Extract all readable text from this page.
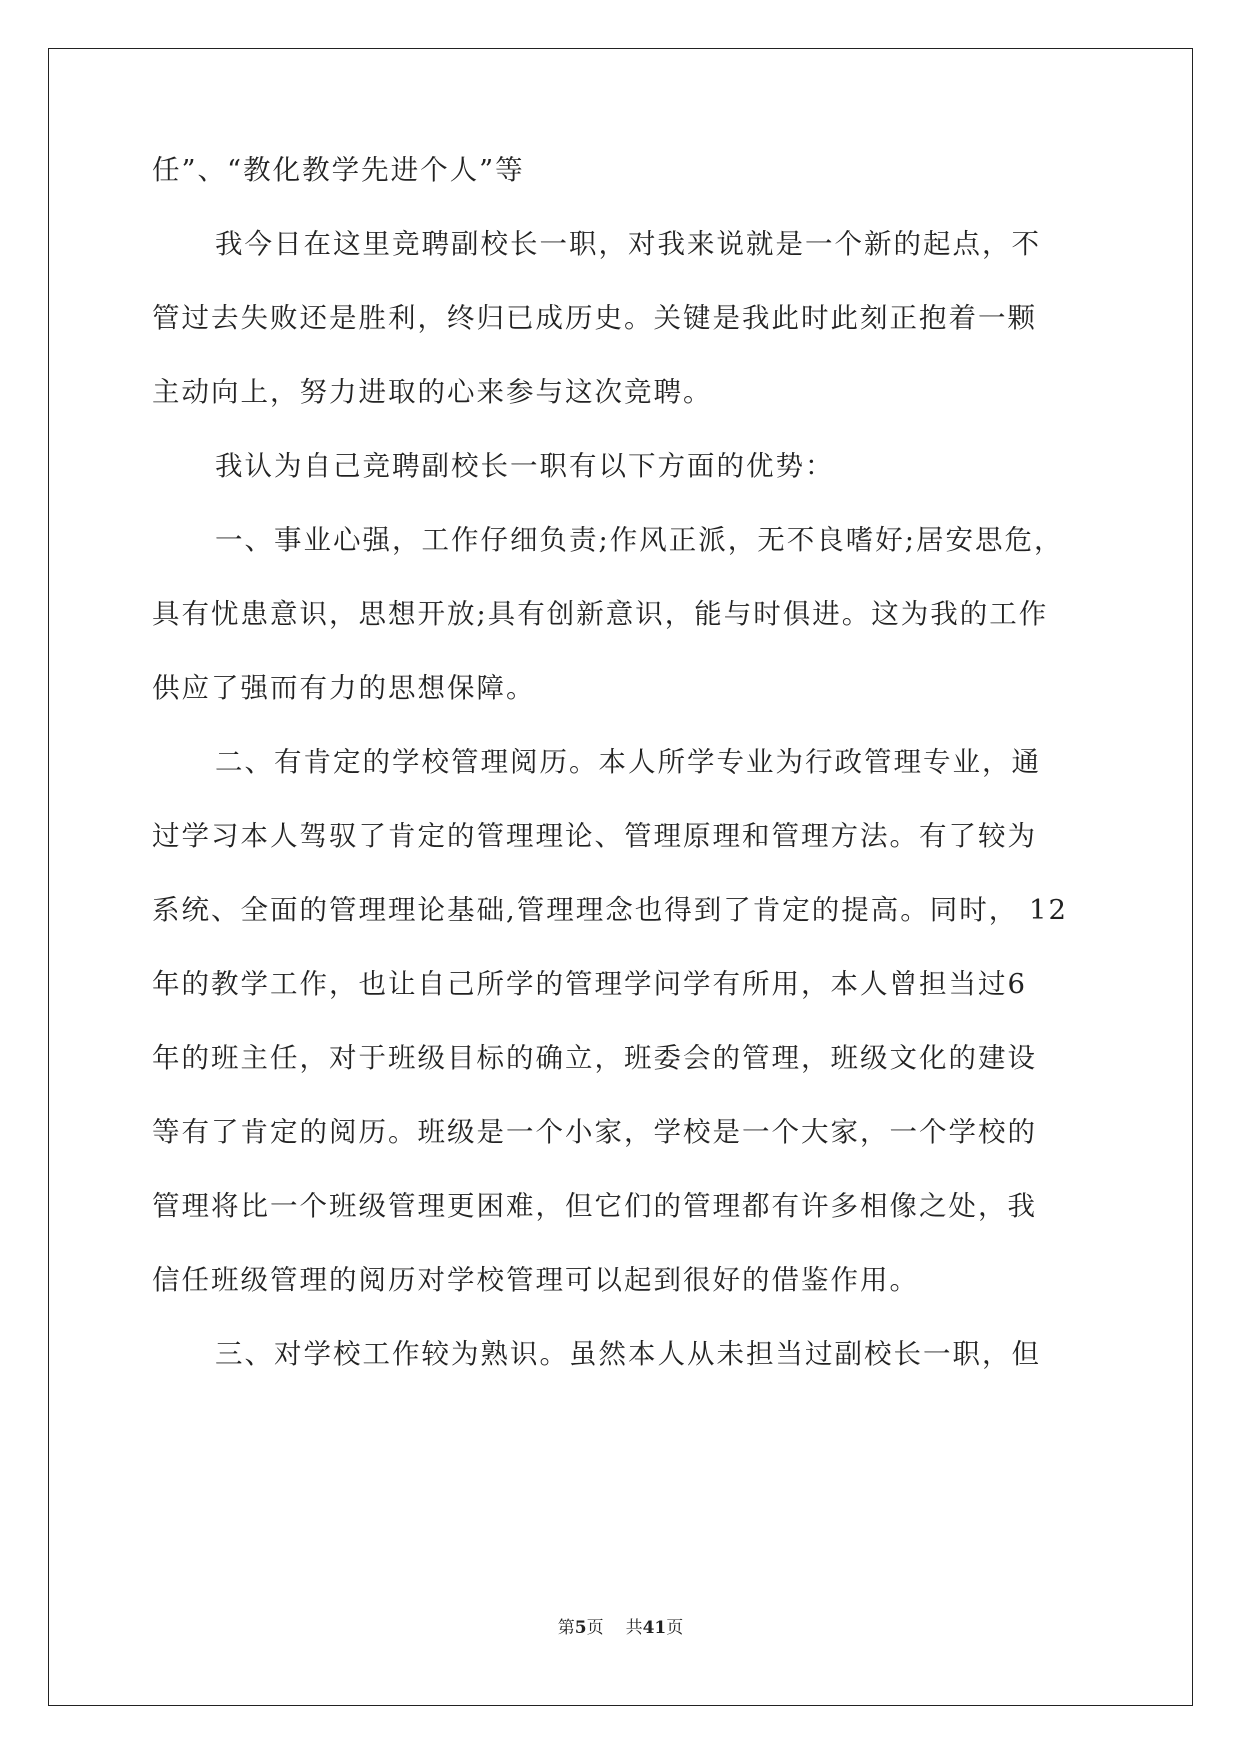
任”、“教化教学先进个人”等

我今日在这里竞聘副校长一职，对我来说就是一个新的起点，不

管过去失败还是胜利，终归已成历史。关键是我此时此刻正抱着一颗

主动向上，努力进取的心来参与这次竞聘。

我认为自己竞聘副校长一职有以下方面的优势：

一、事业心强，工作仔细负责;作风正派，无不良嗜好;居安思危，

具有忧患意识，思想开放;具有创新意识，能与时俱进。这为我的工作

供应了强而有力的思想保障。

二、有肯定的学校管理阅历。本人所学专业为行政管理专业，通

过学习本人驾驭了肯定的管理理论、管理原理和管理方法。有了较为

系统、全面的管理理论基础,管理理念也得到了肯定的提高。同时， 12

年的教学工作，也让自己所学的管理学问学有所用，本人曾担当过6

年的班主任，对于班级目标的确立，班委会的管理，班级文化的建设

等有了肯定的阅历。班级是一个小家，学校是一个大家，一个学校的

管理将比一个班级管理更困难，但它们的管理都有许多相像之处，我

信任班级管理的阅历对学校管理可以起到很好的借鉴作用。

三、对学校工作较为熟识。虽然本人从未担当过副校长一职，但

第5页 共41页
